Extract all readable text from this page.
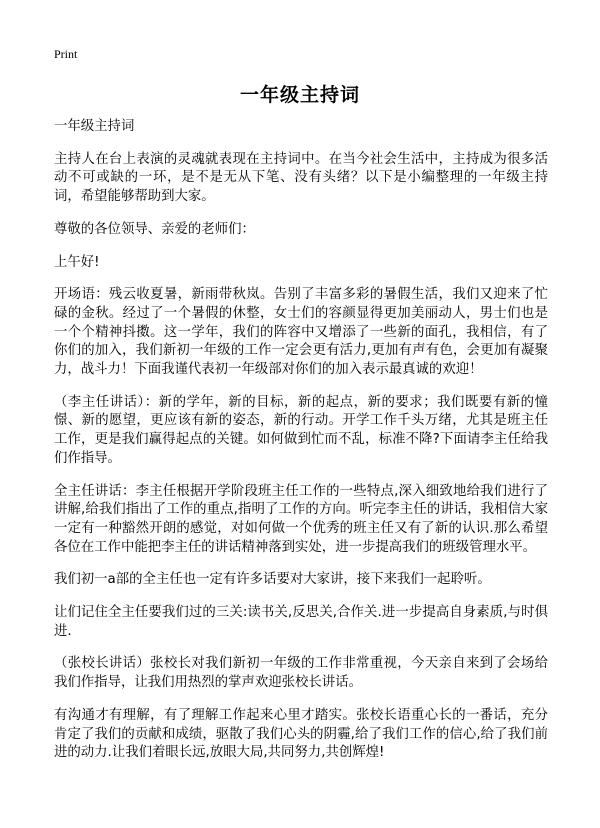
Print
一年级主持词

一年级主持词

主持人在台上表演的灵魂就表现在主持词中。在当今社会生活中，主持成为很多活动不可或缺的一环，是不是无从下笔、没有头绪？以下是小编整理的一年级主持词，希望能够帮助到大家。

尊敬的各位领导、亲爱的老师们：

上午好!

开场语：残云收夏暑，新雨带秋岚。告别了丰富多彩的暑假生活，我们又迎来了忙碌的金秋。经过了一个暑假的休整，女士们的容颜显得更加美丽动人，男士们也是一个个精神抖擞。这一学年，我们的阵容中又增添了一些新的面孔，我相信，有了你们的加入，我们新初一年级的工作一定会更有活力,更加有声有色，会更加有凝聚力，战斗力！下面我谨代表初一年级部对你们的加入表示最真诚的欢迎！

（李主任讲话）：新的学年，新的目标，新的起点，新的要求；我们既要有新的憧憬、新的愿望，更应该有新的姿态，新的行动。开学工作千头万绪，尤其是班主任工作，更是我们赢得起点的关键。如何做到忙而不乱，标准不降?下面请李主任给我们作指导。

全主任讲话：李主任根据开学阶段班主任工作的一些特点,深入细致地给我们进行了讲解,给我们指出了工作的重点,指明了工作的方向。听完李主任的讲话，我相信大家一定有一种豁然开朗的感觉，对如何做一个优秀的班主任又有了新的认识.那么希望各位在工作中能把李主任的讲话精神落到实处，进一步提高我们的班级管理水平。

我们初一a部的全主任也一定有许多话要对大家讲，接下来我们一起聆听。

让们记住全主任要我们过的三关:读书关,反思关,合作关.进一步提高自身素质,与时俱进.

（张校长讲话）张校长对我们新初一年级的工作非常重视，今天亲自来到了会场给我们作指导，让我们用热烈的掌声欢迎张校长讲话。

有沟通才有理解，有了理解工作起来心里才踏实。张校长语重心长的一番话，充分肯定了我们的贡献和成绩，驱散了我们心头的阴霾,给了我们工作的信心,给了我们前进的动力.让我们着眼长远,放眼大局,共同努力,共创辉煌!
